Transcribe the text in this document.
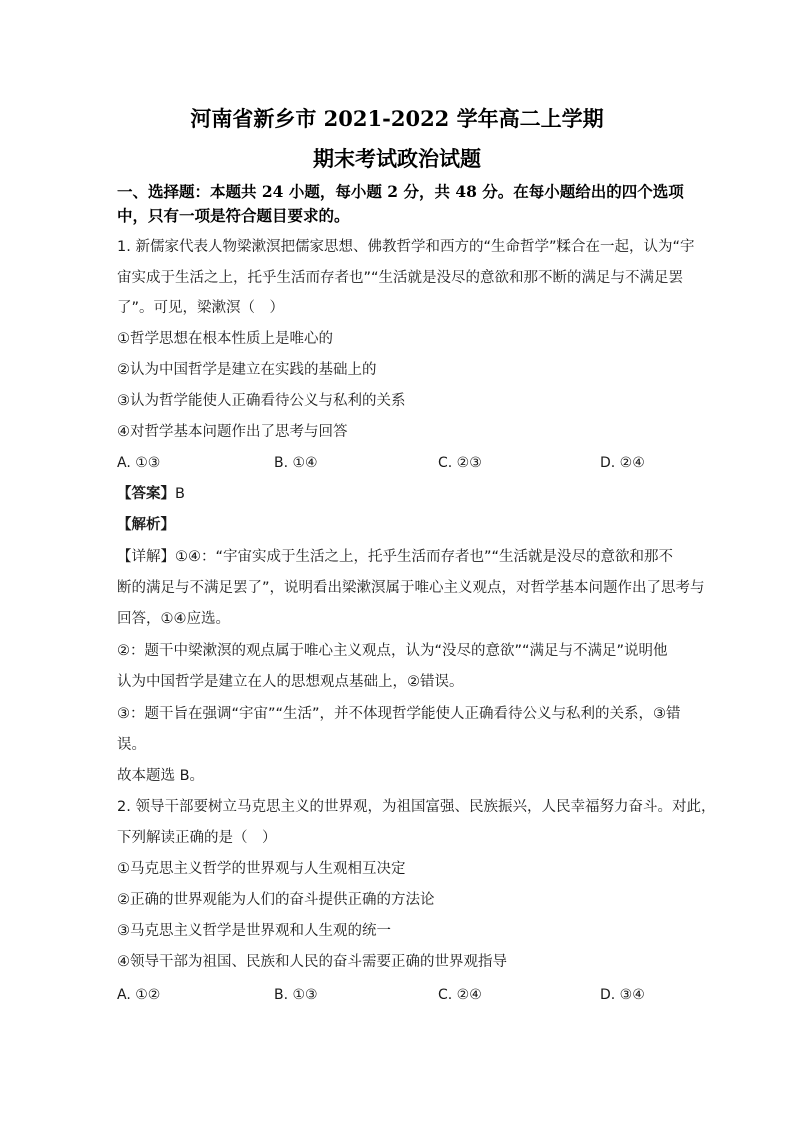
河南省新乡市 2021-2022 学年高二上学期
期末考试政治试题
一、选择题：本题共 24 小题，每小题 2 分，共 48 分。在每小题给出的四个选项中，只有一项是符合题目要求的。
1. 新儒家代表人物梁漱溟把儒家思想、佛教哲学和西方的“生命哲学”糅合在一起，认为“宇
宙实成于生活之上，托乎生活而存者也”“生活就是没尽的意欲和那不断的满足与不满足罢
了”。可见，梁漱溟（　）
①哲学思想在根本性质上是唯心的
②认为中国哲学是建立在实践的基础上的
③认为哲学能使人正确看待公义与私利的关系
④对哲学基本问题作出了思考与回答
A. ①③	B. ①④	C. ②③	D. ②④
【答案】B
【解析】
【详解】①④：“宇宙实成于生活之上，托乎生活而存者也”“生活就是没尽的意欲和那不
断的满足与不满足罢了”，说明看出梁漱溟属于唯心主义观点，对哲学基本问题作出了思考与
回答，①④应选。
②：题干中梁漱溟的观点属于唯心主义观点，认为“没尽的意欲”“满足与不满足”说明他
认为中国哲学是建立在人的思想观点基础上，②错误。
③：题干旨在强调“宇宙”“生活”，并不体现哲学能使人正确看待公义与私利的关系，③错
误。
故本题选 B。
2. 领导干部要树立马克思主义的世界观，为祖国富强、民族振兴，人民幸福努力奋斗。对此，
下列解读正确的是（　）
①马克思主义哲学的世界观与人生观相互决定
②正确的世界观能为人们的奋斗提供正确的方法论
③马克思主义哲学是世界观和人生观的统一
④领导干部为祖国、民族和人民的奋斗需要正确的世界观指导
A. ①②	B. ①③	C. ②④	D. ③④
